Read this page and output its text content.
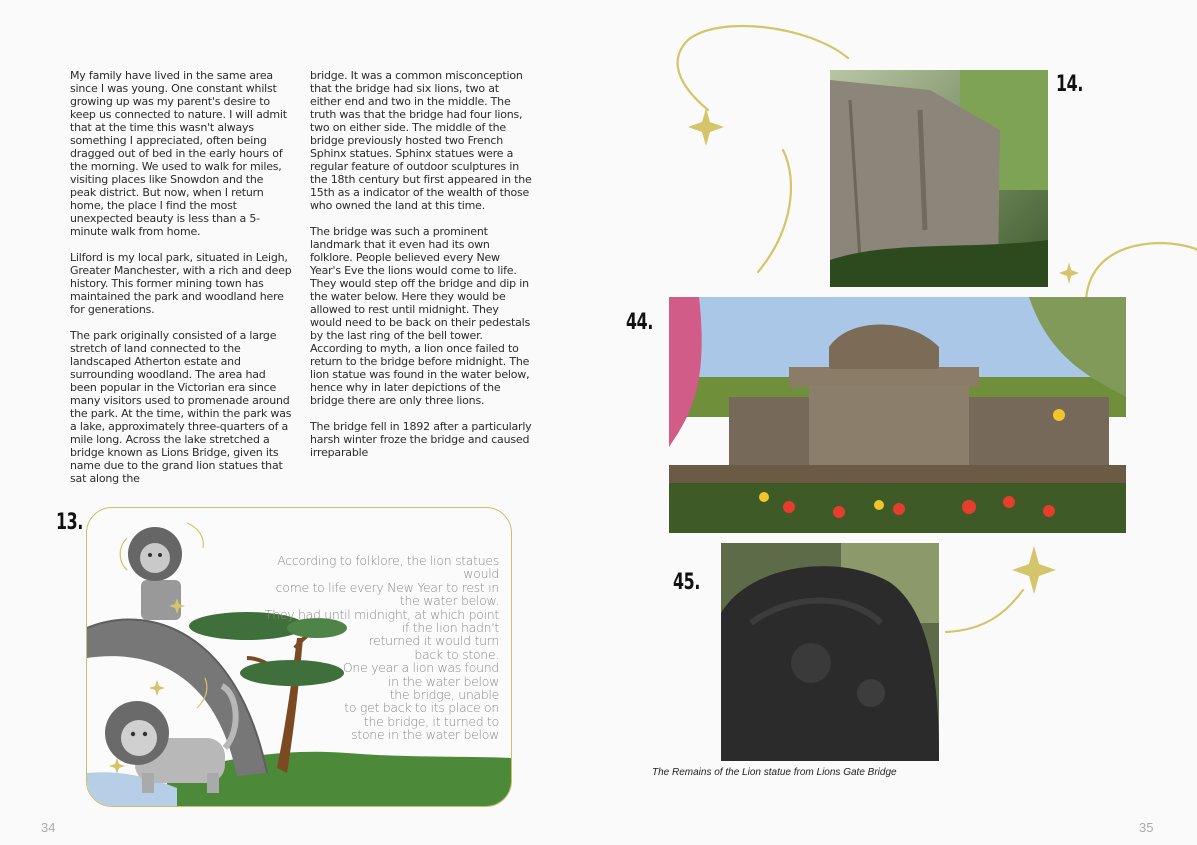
My family have lived in the same area since I was young. One constant whilst growing up was my parent's desire to keep us connected to nature. I will admit that at the time this wasn't always something I appreciated, often being dragged out of bed in the early hours of the morning. We used to walk for miles, visiting places like Snowdon and the peak district. But now, when I return home, the place I find the most unexpected beauty is less than a 5-minute walk from home.

Lilford is my local park, situated in Leigh, Greater Manchester, with a rich and deep history. This former mining town has maintained the park and woodland here for generations.

The park originally consisted of a large stretch of land connected to the landscaped Atherton estate and surrounding woodland. The area had been popular in the Victorian era since many visitors used to promenade around the park. At the time, within the park was a lake, approximately three-quarters of a mile long. Across the lake stretched a bridge known as Lions Bridge, given its name due to the grand lion statues that sat along the

bridge. It was a common misconception that the bridge had six lions, two at either end and two in the middle. The truth was that the bridge had four lions, two on either side. The middle of the bridge previously hosted two French Sphinx statues. Sphinx statues were a regular feature of outdoor sculptures in the 18th century but first appeared in the 15th as a indicator of the wealth of those who owned the land at this time.

The bridge was such a prominent landmark that it even had its own folklore. People believed every New Year's Eve the lions would come to life. They would step off the bridge and dip in the water below. Here they would be allowed to rest until midnight. They would need to be back on their pedestals by the last ring of the bell tower. According to myth, a lion once failed to return to the bridge before midnight. The lion statue was found in the water below, hence why in later depictions of the bridge there are only three lions.

The bridge fell in 1892 after a particularly harsh winter froze the bridge and caused irreparable

13.
According to folklore, the lion statues would
come to life every New Year to rest in
the water below.
They had until midnight, at which point
if the lion hadn't
returned it would turn
back to stone.
One year a lion was found
in the water below
the bridge, unable
to get back to its place on
the bridge, it turned to
stone in the water below
34
14.
44.
45.
The Remains of the Lion statue from Lions Gate Bridge
35
